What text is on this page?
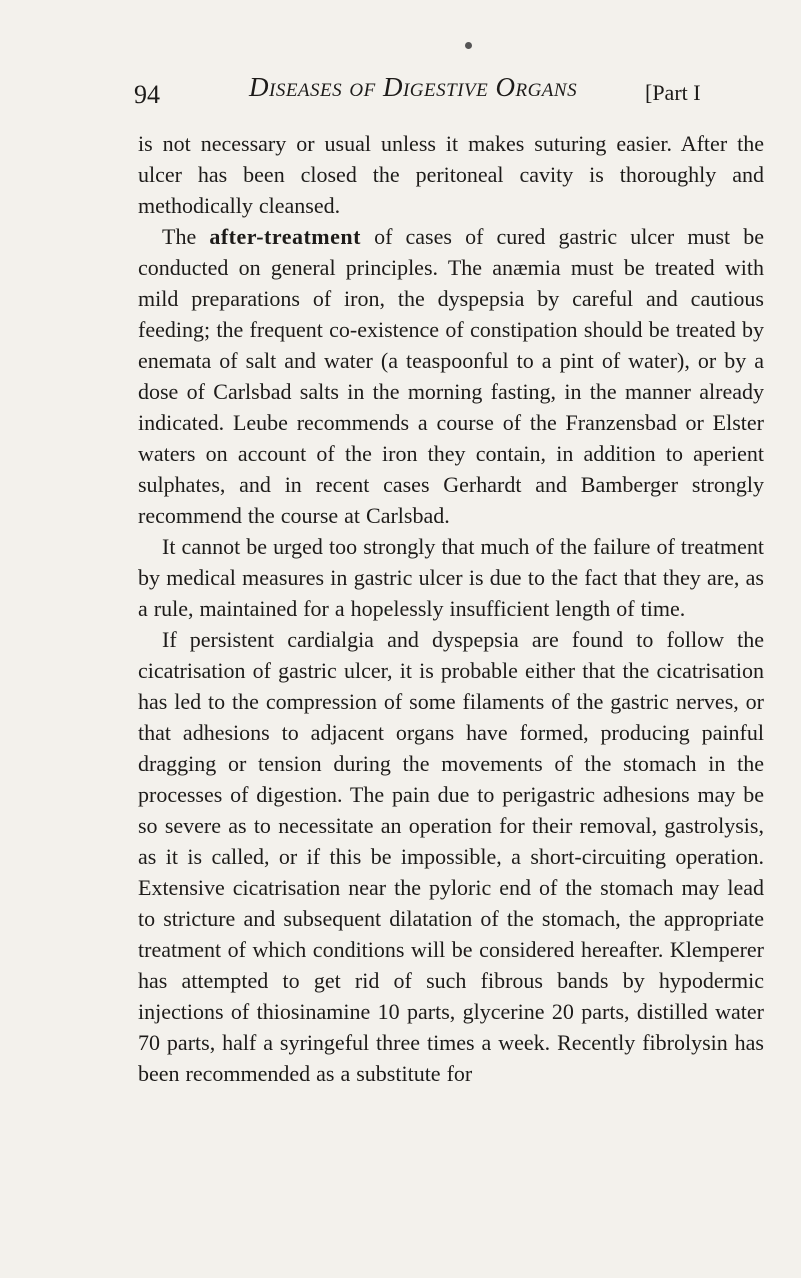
94	Diseases of Digestive Organs	[Part I

is not necessary or usual unless it makes suturing easier. After the ulcer has been closed the peritoneal cavity is thoroughly and methodically cleansed.

The after-treatment of cases of cured gastric ulcer must be conducted on general principles. The anæmia must be treated with mild preparations of iron, the dyspepsia by careful and cautious feeding; the frequent co-existence of constipation should be treated by enemata of salt and water (a teaspoonful to a pint of water), or by a dose of Carlsbad salts in the morning fasting, in the manner already indicated. Leube recommends a course of the Franzensbad or Elster waters on account of the iron they contain, in addition to aperient sulphates, and in recent cases Gerhardt and Bamberger strongly recommend the course at Carlsbad.

It cannot be urged too strongly that much of the failure of treatment by medical measures in gastric ulcer is due to the fact that they are, as a rule, maintained for a hopelessly insufficient length of time.

If persistent cardialgia and dyspepsia are found to follow the cicatrisation of gastric ulcer, it is probable either that the cicatrisation has led to the compression of some filaments of the gastric nerves, or that adhesions to adjacent organs have formed, producing painful dragging or tension during the movements of the stomach in the processes of digestion. The pain due to perigastric adhesions may be so severe as to necessitate an operation for their removal, gastrolysis, as it is called, or if this be impossible, a short-circuiting operation. Extensive cicatrisation near the pyloric end of the stomach may lead to stricture and subsequent dilatation of the stomach, the appropriate treatment of which conditions will be considered hereafter. Klemperer has attempted to get rid of such fibrous bands by hypodermic injections of thiosinamine 10 parts, glycerine 20 parts, distilled water 70 parts, half a syringeful three times a week. Recently fibrolysin has been recommended as a substitute for
